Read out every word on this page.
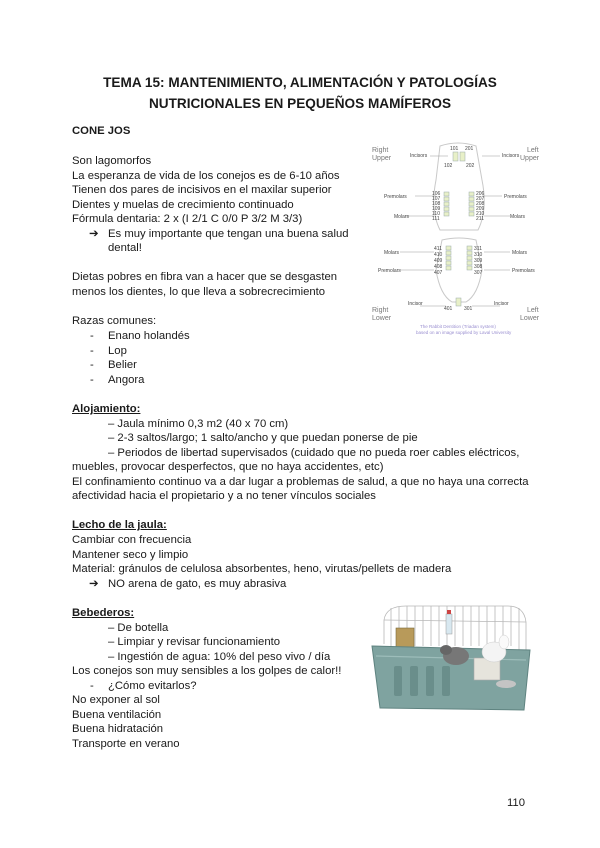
TEMA 15: MANTENIMIENTO, ALIMENTACIÓN Y PATOLOGÍAS
NUTRICIONALES EN PEQUEÑOS MAMÍFEROS
CONE JOS
Son lagomorfos
La esperanza de vida de los conejos es de 6-10 años
Tienen dos pares de incisivos en el maxilar superior
Dientes y muelas de crecimiento continuado
Fórmula dentaria: 2 x (I 2/1 C 0/0 P 3/2 M 3/3)
➔ Es muy importante que tengan una buena salud
dental!
Dietas pobres en fibra van a hacer que se desgasten
menos los dientes, lo que lleva a sobrecrecimiento
Razas comunes:
- Enano holandés
- Lop
- Belier
- Angora
Right Upper
Left Upper
Right Lower
Left Lower
Incisors	Incisors
101
102
201
202
Premolars	Premolars
Molars	Molars
106
107
108
109
110
111
206
207
208
209
210
211
Molars	Molars
Premolars	Premolars
411
410
409
408
407
311
310
309
308
307
Incisor	Incisor
401 301
The Rabbit Dentition (Triadan system)
based on an image supplied by Laval University
Alojamiento:
– Jaula mínimo 0,3 m2 (40 x 70 cm)
– 2-3 saltos/largo; 1 salto/ancho y que puedan ponerse de pie
– Periodos de libertad supervisados (cuidado que no pueda roer cables eléctricos,
muebles, provocar desperfectos, que no haya accidentes, etc)
El confinamiento continuo va a dar lugar a problemas de salud, a que no haya una correcta
afectividad hacia el propietario y a no tener vínculos sociales
Lecho de la jaula:
Cambiar con frecuencia
Mantener seco y limpio
Material: gránulos de celulosa absorbentes, heno, virutas/pellets de madera
➔ NO arena de gato, es muy abrasiva
Bebederos:
– De botella
– Limpiar y revisar funcionamiento
– Ingestión de agua: 10% del peso vivo / día
Los conejos son muy sensibles a los golpes de calor!!
- ¿Cómo evitarlos?
No exponer al sol
Buena ventilación
Buena hidratación
Transporte en verano
110
